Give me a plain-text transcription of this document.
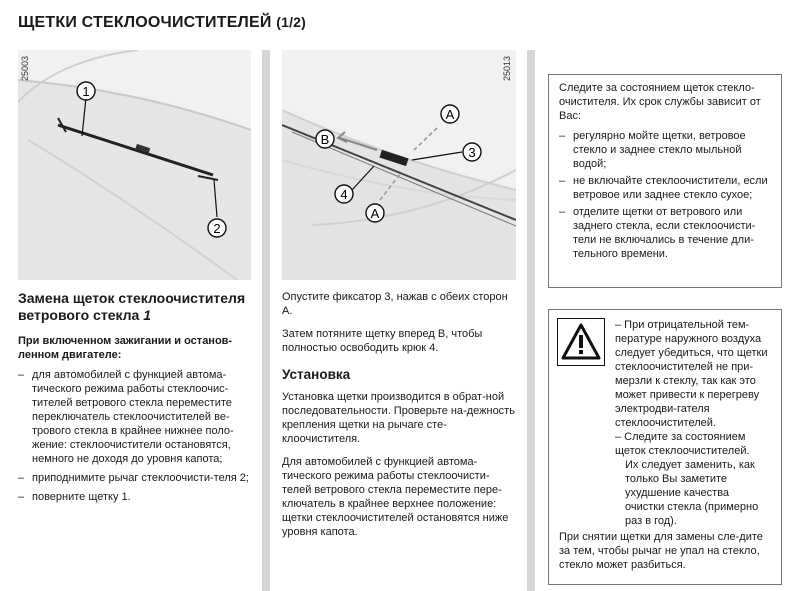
ЩЕТКИ СТЕКЛООЧИСТИТЕЛЕЙ (1/2)
1
2
25003
A
B
3
4
A
25013
Замена щеток стеклоочистителя ветрового стекла 1
При включенном зажигании и останов-ленном двигателе:
– для автомобилей с функцией автома-тического режима работы стеклоочис-тителей ветрового стекла переместите переключатель стеклоочистителей ве-трового стекла в крайнее нижнее поло-жение: стеклоочистители остановятся, немного не доходя до уровня капота;
– приподнимите рычаг стеклоочисти-теля 2;
– поверните щетку 1.

Опустите фиксатор 3, нажав с обеих сторон A.

Затем потяните щетку вперед B, чтобы полностью освободить крюк 4.

Установка

Установка щетки производится в обрат-ной последовательности. Проверьте на-дежность крепления щетки на рычаге сте-клоочистителя.

Для автомобилей с функцией автома-тического режима работы стеклоочисти-телей ветрового стекла переместите пере-ключатель в крайнее верхнее положение: щетки стеклоочистителей остановятся ниже уровня капота.

Следите за состоянием щеток стекло-очистителя. Их срок службы зависит от Вас:

– регулярно мойте щетки, ветровое стекло и заднее стекло мыльной водой;
– не включайте стеклоочистители, если ветровое или заднее стекло сухое;
– отделите щетки от ветрового или заднего стекла, если стеклоочисти-тели не включались в течение дли-тельного времени.

– При отрицательной тем-пературе наружного воздуха следует убедиться, что щетки стеклоочистителей не при-мерзли к стеклу, так как это может привести к перегреву электродви-гателя стеклоочистителей.

– Следите за состоянием щеток стеклоочистителей.

Их следует заменить, как только Вы заметите ухудшение качества очистки стекла (примерно раз в год).

При снятии щетки для замены сле-дите за тем, чтобы рычаг не упал на стекло, стекло может разбиться.
